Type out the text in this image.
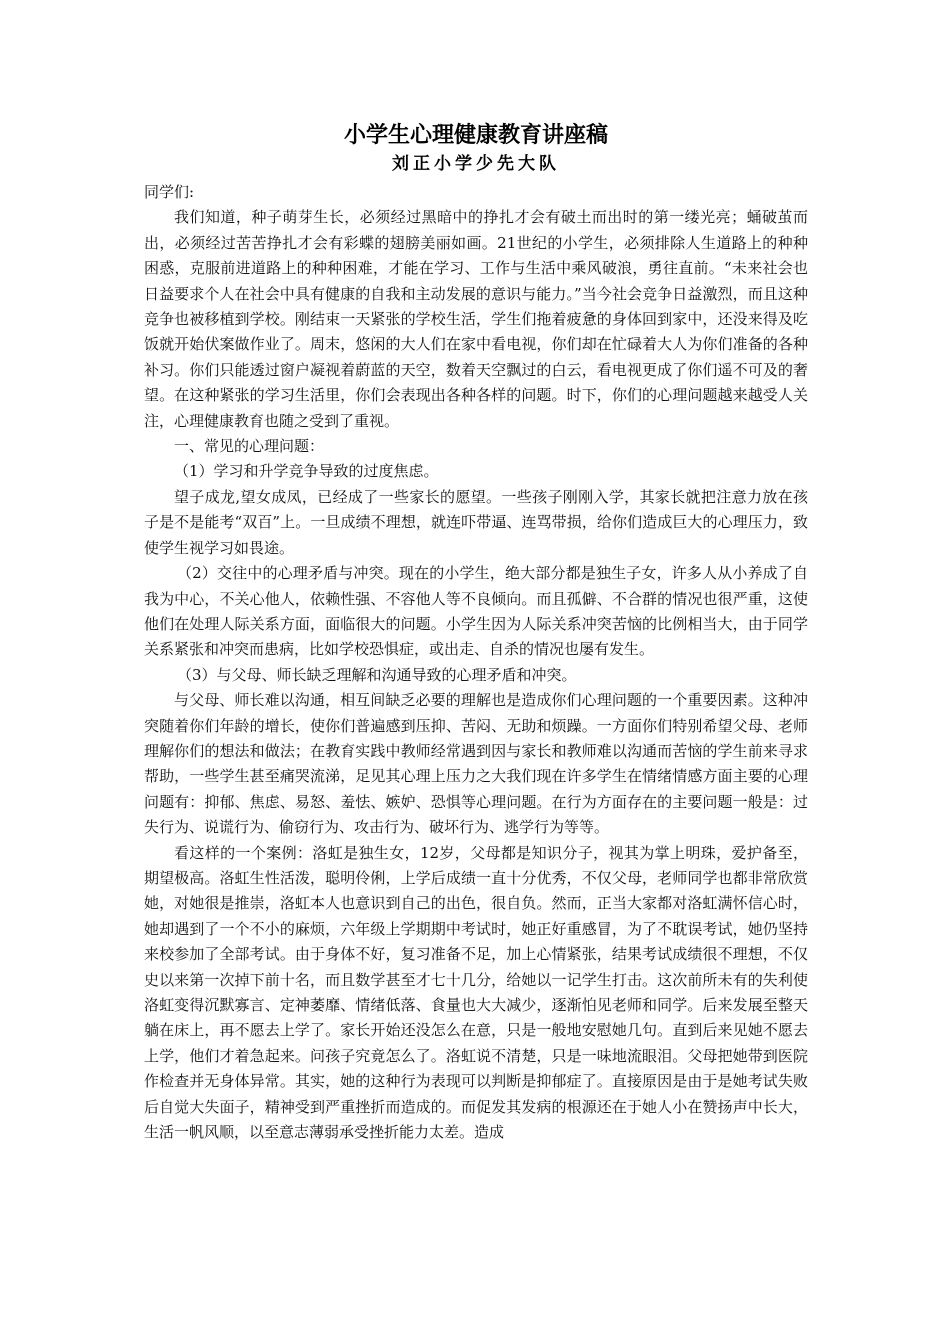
小学生心理健康教育讲座稿
刘正小学少先大队

同学们:

我们知道，种子萌芽生长，必须经过黑暗中的挣扎才会有破土而出时的第一缕光亮；蛹破茧而出，必须经过苦苦挣扎才会有彩蝶的翅膀美丽如画。21世纪的小学生，必须排除人生道路上的种种困惑，克服前进道路上的种种困难，才能在学习、工作与生活中乘风破浪，勇往直前。“未来社会也日益要求个人在社会中具有健康的自我和主动发展的意识与能力。”当今社会竞争日益激烈，而且这种竞争也被移植到学校。刚结束一天紧张的学校生活，学生们拖着疲惫的身体回到家中，还没来得及吃饭就开始伏案做作业了。周末，悠闲的大人们在家中看电视，你们却在忙碌着大人为你们准备的各种补习。你们只能透过窗户凝视着蔚蓝的天空，数着天空飘过的白云，看电视更成了你们遥不可及的奢望。在这种紧张的学习生活里，你们会表现出各种各样的问题。时下，你们的心理问题越来越受人关注，心理健康教育也随之受到了重视。

一、常见的心理问题：

（1）学习和升学竞争导致的过度焦虑。

望子成龙,望女成凤，已经成了一些家长的愿望。一些孩子刚刚入学，其家长就把注意力放在孩子是不是能考“双百”上。一旦成绩不理想，就连吓带逼、连骂带损，给你们造成巨大的心理压力，致使学生视学习如畏途。

（2）交往中的心理矛盾与冲突。现在的小学生，绝大部分都是独生子女，许多人从小养成了自我为中心，不关心他人，依赖性强、不容他人等不良倾向。而且孤僻、不合群的情况也很严重，这使他们在处理人际关系方面，面临很大的问题。小学生因为人际关系冲突苦恼的比例相当大，由于同学关系紧张和冲突而患病，比如学校恐惧症，或出走、自杀的情况也屡有发生。

（3）与父母、师长缺乏理解和沟通导致的心理矛盾和冲突。

与父母、师长难以沟通，相互间缺乏必要的理解也是造成你们心理问题的一个重要因素。这种冲突随着你们年龄的增长，使你们普遍感到压抑、苦闷、无助和烦躁。一方面你们特别希望父母、老师理解你们的想法和做法；在教育实践中教师经常遇到因与家长和教师难以沟通而苦恼的学生前来寻求帮助，一些学生甚至痛哭流涕，足见其心理上压力之大我们现在许多学生在情绪情感方面主要的心理问题有：抑郁、焦虑、易怒、羞怯、嫉妒、恐惧等心理问题。在行为方面存在的主要问题一般是：过失行为、说谎行为、偷窃行为、攻击行为、破坏行为、逃学行为等等。

看这样的一个案例：洛虹是独生女，12岁，父母都是知识分子，视其为掌上明珠，爱护备至，期望极高。洛虹生性活泼，聪明伶俐，上学后成绩一直十分优秀，不仅父母，老师同学也都非常欣赏她，对她很是推崇，洛虹本人也意识到自己的出色，很自负。然而，正当大家都对洛虹满怀信心时，她却遇到了一个不小的麻烦，六年级上学期期中考试时，她正好重感冒，为了不耽误考试，她仍坚持来校参加了全部考试。由于身体不好，复习准备不足，加上心情紧张，结果考试成绩很不理想，不仅史以来第一次掉下前十名，而且数学甚至才七十几分，给她以一记学生打击。这次前所未有的失利使洛虹变得沉默寡言、定神萎靡、情绪低落、食量也大大减少，逐渐怕见老师和同学。后来发展至整天躺在床上，再不愿去上学了。家长开始还没怎么在意，只是一般地安慰她几句。直到后来见她不愿去上学，他们才着急起来。问孩子究竟怎么了。洛虹说不清楚，只是一味地流眼泪。父母把她带到医院作检查并无身体异常。其实，她的这种行为表现可以判断是抑郁症了。直接原因是由于是她考试失败后自觉大失面子，精神受到严重挫折而造成的。而促发其发病的根源还在于她人小在赞扬声中长大，生活一帆风顺，以至意志薄弱承受挫折能力太差。造成
